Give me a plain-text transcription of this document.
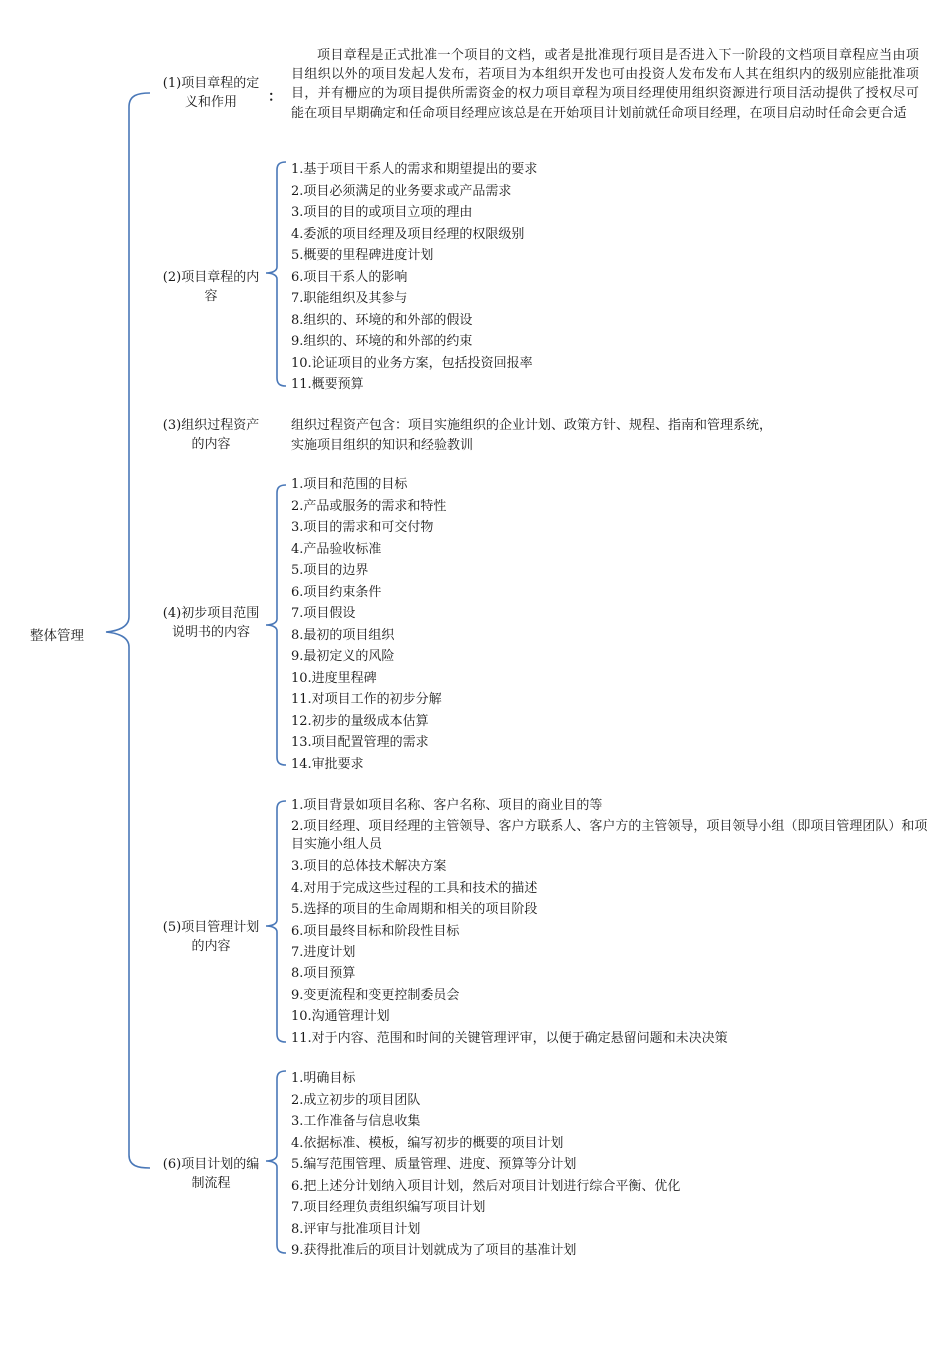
整体管理
(1)项目章程的定义和作用
(2)项目章程的内容
(3)组织过程资产的内容
(4)初步项目范围说明书的内容
(5)项目管理计划的内容
(6)项目计划的编制流程
：
项目章程是正式批准一个项目的文档，或者是批准现行项目是否进入下一阶段的文档项目章程应当由项目组织以外的项目发起人发布，若项目为本组织开发也可由投资人发布发布人其在组织内的级别应能批准项目，并有栅应的为项目提供所需资金的权力项目章程为项目经理使用组织资源进行项目活动提供了授权尽可能在项目早期确定和任命项目经理应该总是在开始项目计划前就任命项目经理，在项目启动时任命会更合适
1.基于项目干系人的需求和期望提出的要求
2.项目必须满足的业务要求或产品需求
3.项目的目的或项目立项的理由
4.委派的项目经理及项目经理的权限级别
5.概要的里程碑进度计划
6.项目干系人的影响
7.职能组织及其参与
8.组织的、环境的和外部的假设
9.组织的、环境的和外部的约束
10.论证项目的业务方案，包括投资回报率
11.概要预算
组织过程资产包含：项目实施组织的企业计划、政策方针、规程、指南和管理系统，
实施项目组织的知识和经验教训
1.项目和范围的目标
2.产品或服务的需求和特性
3.项目的需求和可交付物
4.产品验收标准
5.项目的边界
6.项目约束条件
7.项目假设
8.最初的项目组织
9.最初定义的风险
10.进度里程碑
11.对项目工作的初步分解
12.初步的量级成本估算
13.项目配置管理的需求
14.审批要求
1.项目背景如项目名称、客户名称、项目的商业目的等
2.项目经理、项目经理的主管领导、客户方联系人、客户方的主管领导，项目领导小组（即项目管理团队）和项目实施小组人员
3.项目的总体技术解决方案
4.对用于完成这些过程的工具和技术的描述
5.选择的项目的生命周期和相关的项目阶段
6.项目最终目标和阶段性目标
7.进度计划
8.项目预算
9.变更流程和变更控制委员会
10.沟通管理计划
11.对于内容、范围和时间的关键管理评审，以便于确定悬留问题和未决决策
1.明确目标
2.成立初步的项目团队
3.工作准备与信息收集
4.依据标准、模板，编写初步的概要的项目计划
5.编写范围管理、质量管理、进度、预算等分计划
6.把上述分计划纳入项目计划，然后对项目计划进行综合平衡、优化
7.项目经理负责组织编写项目计划
8.评审与批准项目计划
9.获得批准后的项目计划就成为了项目的基准计划
